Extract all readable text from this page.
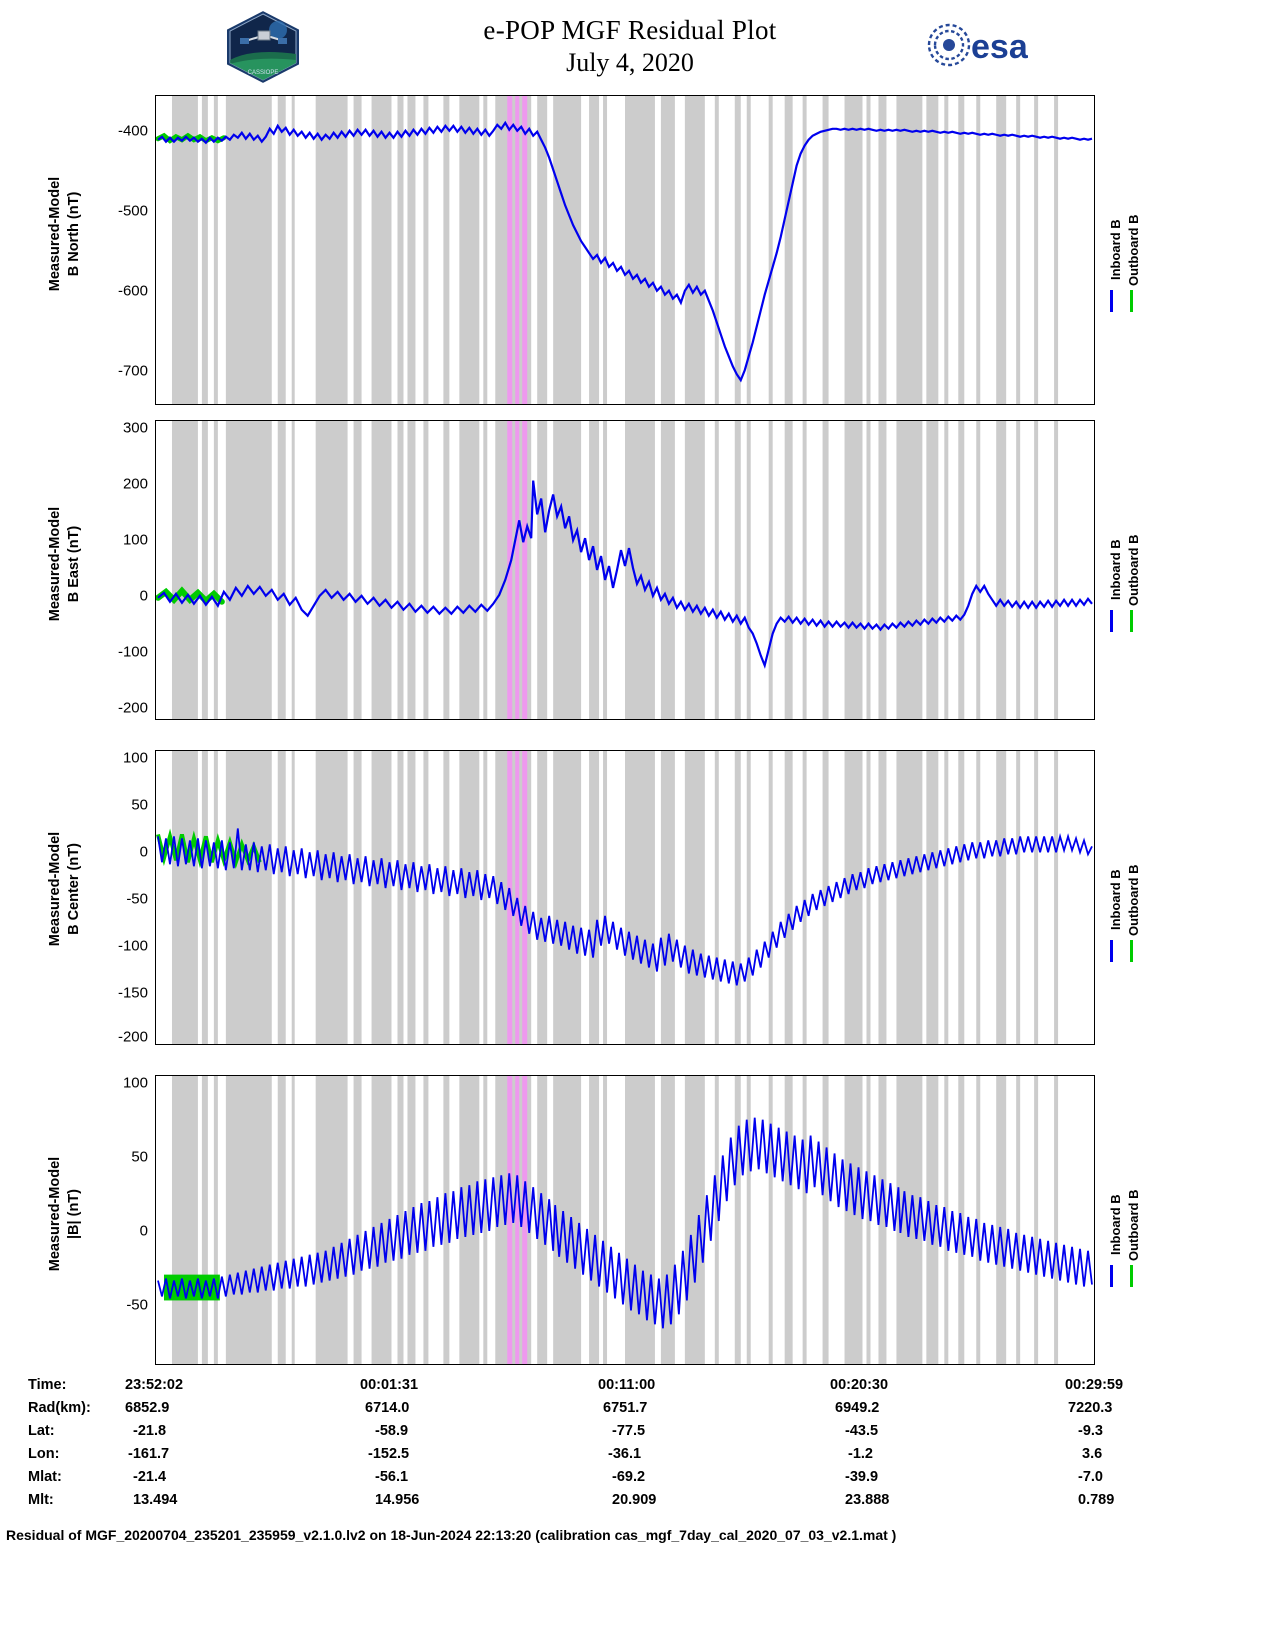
CASSIOPE
e-POP MGF Residual Plot
July 4, 2020	esa
Measured-Model B North (nT)
-400
-500
-600
-700
Inboard B Outboard B
Measured-Model B East (nT)
300
200
100
0
-100
-200
Inboard B Outboard B
Measured-Model B Center (nT)
100
50
0
-50
-100
-150
-200
Inboard B Outboard B
Measured-Model |B| (nT)
100
50
0
-50
Inboard B Outboard B
Time:	23:52:02	00:01:31	00:11:00	00:20:30	00:29:59
Rad(km): 6852.9	6714.0	6751.7	6949.2	7220.3
Lat:	-21.8	-58.9	-77.5	-43.5	-9.3
Lon:	-161.7	-152.5	-36.1	-1.2	3.6
Mlat:	-21.4	-56.1	-69.2	-39.9	-7.0
Mlt:	13.494	14.956	20.909	23.888	0.789
Residual of MGF_20200704_235201_235959_v2.1.0.lv2 on 18-Jun-2024 22:13:20 (calibration cas_mgf_7day_cal_2020_07_03_v2.1.mat )
